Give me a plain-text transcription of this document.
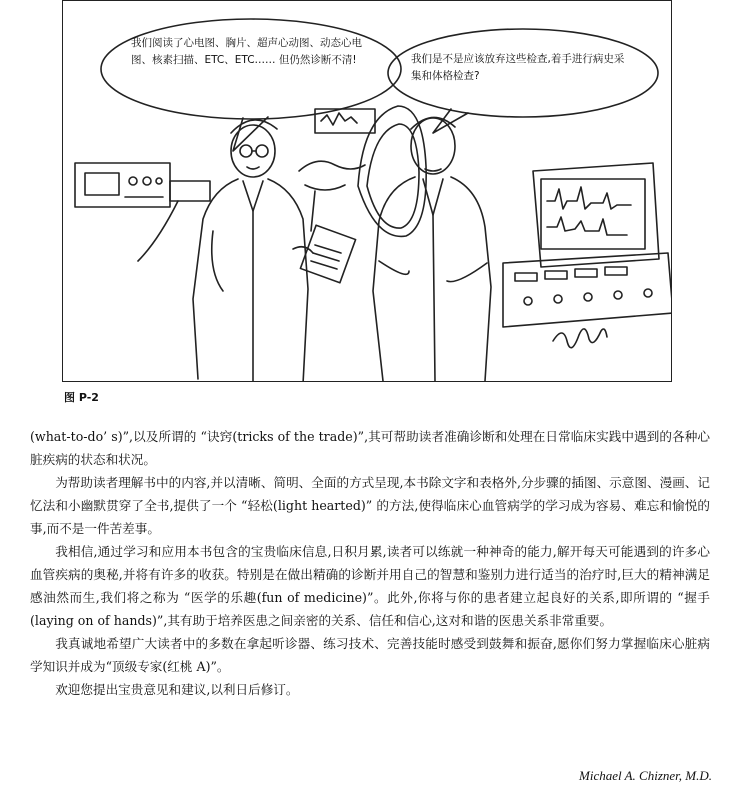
我们阅读了心电图、胸片、超声心动图、动态心电图、核素扫描、ETC、ETC…… 但仍然诊断不清!	我们是不是应该放弃这些检查,着手进行病史采集和体格检查?
图 P-2

(what-to-do’ s)”,以及所谓的 “诀窍(tricks of the trade)”,其可帮助读者准确诊断和处理在日常临床实践中遇到的各种心脏疾病的状态和状况。

为帮助读者理解书中的内容,并以清晰、简明、全面的方式呈现,本书除文字和表格外,分步骤的插图、示意图、漫画、记忆法和小幽默贯穿了全书,提供了一个 “轻松(light hearted)” 的方法,使得临床心血管病学的学习成为容易、难忘和愉悦的事,而不是一件苦差事。

我相信,通过学习和应用本书包含的宝贵临床信息,日积月累,读者可以练就一种神奇的能力,解开每天可能遇到的许多心血管疾病的奥秘,并将有许多的收获。特别是在做出精确的诊断并用自己的智慧和鉴别力进行适当的治疗时,巨大的精神满足感油然而生,我们将之称为 “医学的乐趣(fun of medicine)”。此外,你将与你的患者建立起良好的关系,即所谓的 “握手(laying on of hands)”,其有助于培养医患之间亲密的关系、信任和信心,这对和谐的医患关系非常重要。

我真诚地希望广大读者中的多数在拿起听诊器、练习技术、完善技能时感受到鼓舞和振奋,愿你们努力掌握临床心脏病学知识并成为“顶级专家(红桃 A)”。

欢迎您提出宝贵意见和建议,以利日后修订。

Michael A. Chizner, M.D.
